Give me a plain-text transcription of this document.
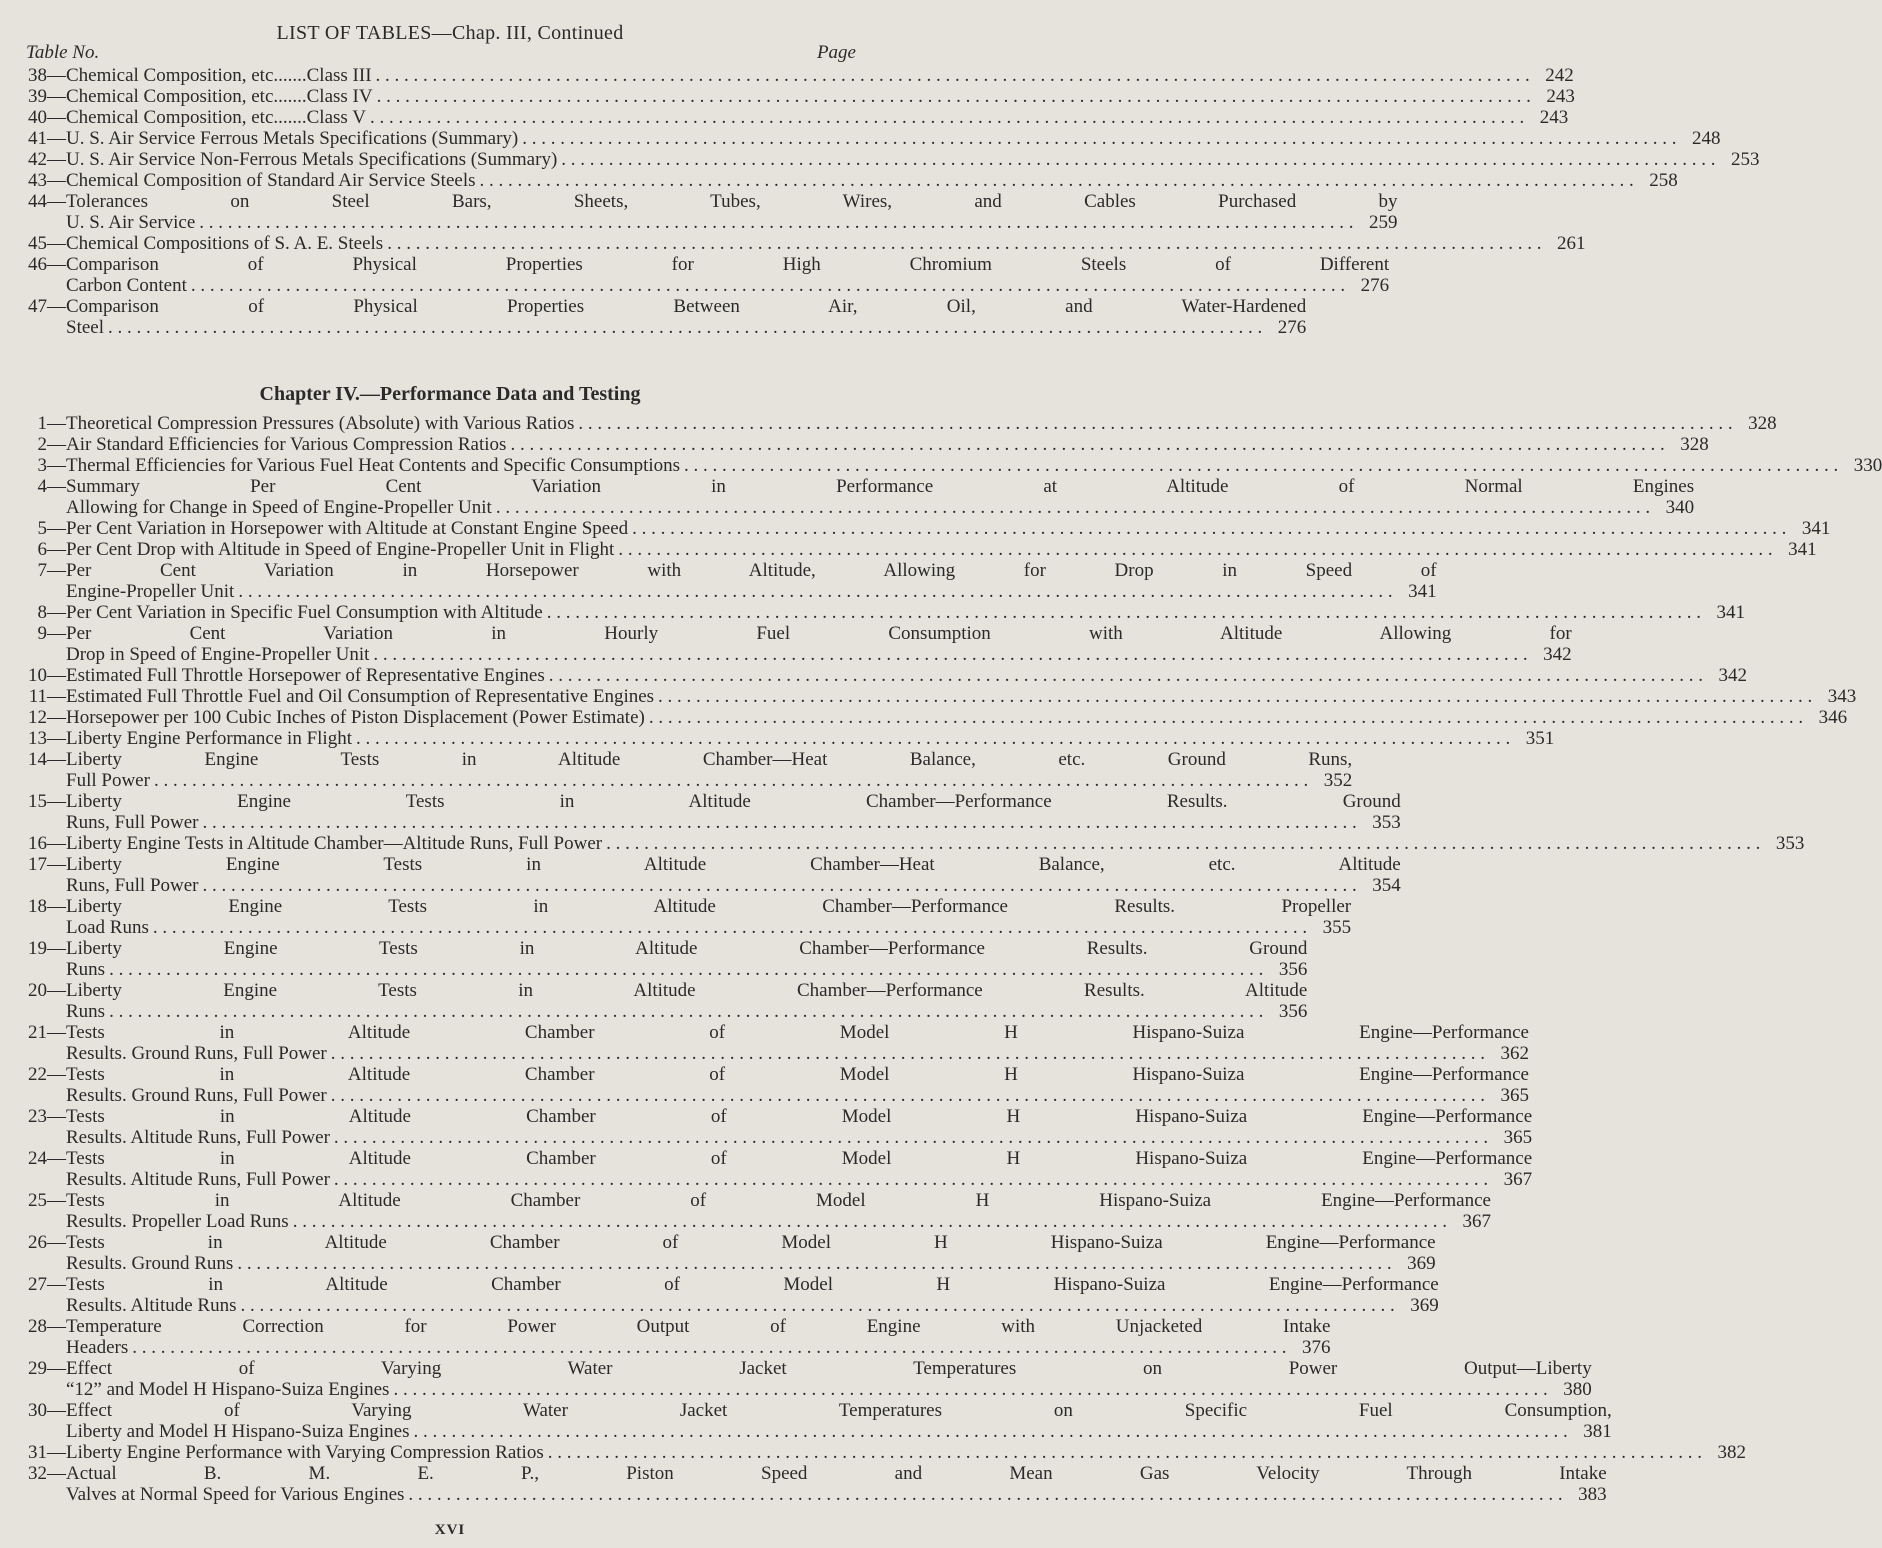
LIST OF TABLES—Chap. III, Continued
Table No.	Page
38— Chemical Composition, etc.......Class III . . .	242
39— Chemical Composition, etc.......Class IV . . .	243
40— Chemical Composition, etc.......Class V . . .	243
41— U. S. Air Service Ferrous Metals Specifications (Summary) . . .	248
42— U. S. Air Service Non-Ferrous Metals Specifications (Summary) . . .	253
43— Chemical Composition of Standard Air Service Steels . . .	258
44— Tolerances on Steel Bars, Sheets, Tubes, Wires, and Cables Purchased by
U. S. Air Service . . .	259
45— Chemical Compositions of S. A. E. Steels . . .	261
46— Comparison of Physical Properties for High Chromium Steels of Different
Carbon Content . . .	276
47— Comparison of Physical Properties Between Air, Oil, and Water-Hardened
Steel . . .	276
Chapter IV.—Performance Data and Testing
1— Theoretical Compression Pressures (Absolute) with Various Ratios . . .	328
2— Air Standard Efficiencies for Various Compression Ratios . . .	328
3— Thermal Efficiencies for Various Fuel Heat Contents and Specific Consumptions . . .	330
4— Summary Per Cent Variation in Performance at Altitude of Normal Engines
Allowing for Change in Speed of Engine-Propeller Unit . . .	340
5— Per Cent Variation in Horsepower with Altitude at Constant Engine Speed . . .	341
6— Per Cent Drop with Altitude in Speed of Engine-Propeller Unit in Flight . . .	341
7— Per Cent Variation in Horsepower with Altitude, Allowing for Drop in Speed of
Engine-Propeller Unit . . .	341
8— Per Cent Variation in Specific Fuel Consumption with Altitude . . .	341
9— Per Cent Variation in Hourly Fuel Consumption with Altitude Allowing for
Drop in Speed of Engine-Propeller Unit . . .	342
10— Estimated Full Throttle Horsepower of Representative Engines . . .	342
11— Estimated Full Throttle Fuel and Oil Consumption of Representative Engines . . .	343
12— Horsepower per 100 Cubic Inches of Piston Displacement (Power Estimate) . . .	346
13— Liberty Engine Performance in Flight . . .	351
14— Liberty Engine Tests in Altitude Chamber—Heat Balance, etc. Ground Runs,
Full Power . . .	352
15— Liberty Engine Tests in Altitude Chamber—Performance Results. Ground
Runs, Full Power . . .	353
16— Liberty Engine Tests in Altitude Chamber—Altitude Runs, Full Power . . .	353
17— Liberty Engine Tests in Altitude Chamber—Heat Balance, etc. Altitude
Runs, Full Power . . .	354
18— Liberty Engine Tests in Altitude Chamber—Performance Results. Propeller
Load Runs . . .	355
19— Liberty Engine Tests in Altitude Chamber—Performance Results. Ground
Runs . . .	356
20— Liberty Engine Tests in Altitude Chamber—Performance Results. Altitude
Runs . . .	356
21— Tests in Altitude Chamber of Model H Hispano-Suiza Engine—Performance
Results. Ground Runs, Full Power . . .	362
22— Tests in Altitude Chamber of Model H Hispano-Suiza Engine—Performance
Results. Ground Runs, Full Power . . .	365
23— Tests in Altitude Chamber of Model H Hispano-Suiza Engine—Performance
Results. Altitude Runs, Full Power . . .	365
24— Tests in Altitude Chamber of Model H Hispano-Suiza Engine—Performance
Results. Altitude Runs, Full Power . . .	367
25— Tests in Altitude Chamber of Model H Hispano-Suiza Engine—Performance
Results. Propeller Load Runs . . .	367
26— Tests in Altitude Chamber of Model H Hispano-Suiza Engine—Performance
Results. Ground Runs . . .	369
27— Tests in Altitude Chamber of Model H Hispano-Suiza Engine—Performance
Results. Altitude Runs . . .	369
28— Temperature Correction for Power Output of Engine with Unjacketed Intake
Headers . . .	376
29— Effect of Varying Water Jacket Temperatures on Power Output—Liberty
“12” and Model H Hispano-Suiza Engines . . .	380
30— Effect of Varying Water Jacket Temperatures on Specific Fuel Consumption,
Liberty and Model H Hispano-Suiza Engines . . .	381
31— Liberty Engine Performance with Varying Compression Ratios . . .	382
32— Actual B. M. E. P., Piston Speed and Mean Gas Velocity Through Intake
Valves at Normal Speed for Various Engines . . .	383
XVI
